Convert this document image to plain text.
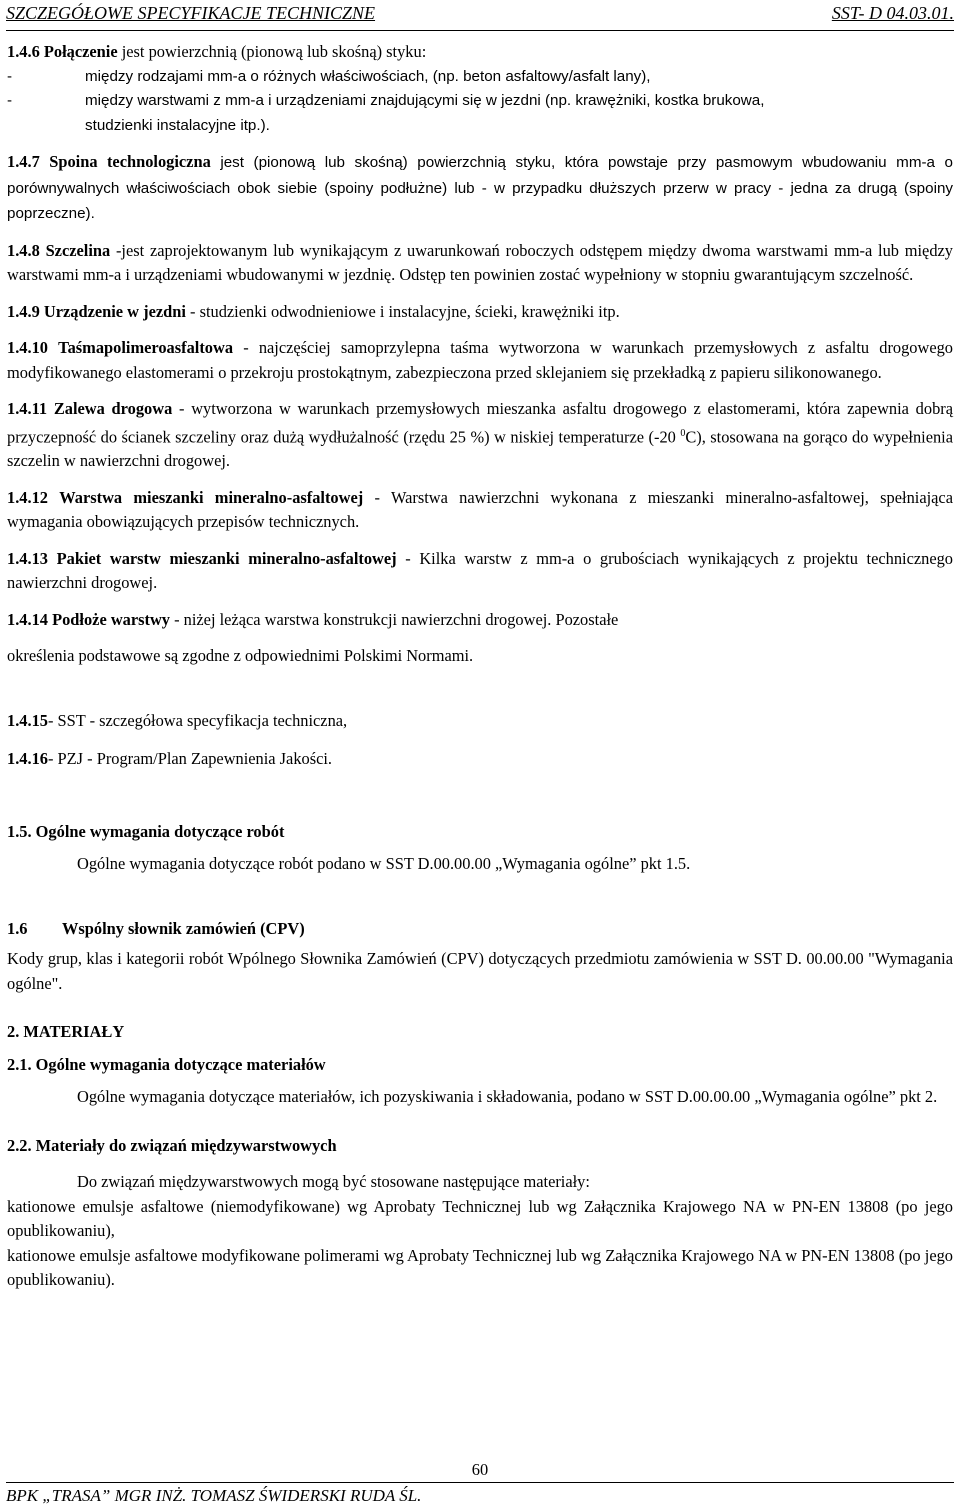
SZCZEGÓŁOWE SPECYFIKACJE TECHNICZNE	SST- D 04.03.01.

1.4.6 Połączenie jest powierzchnią (pionową lub skośną) styku:

-	między rodzajami mm-a o różnych właściwościach, (np. beton asfaltowy/asfalt lany),

-	między warstwami z mm-a i urządzeniami znajdującymi się w jezdni (np. krawężniki, kostka brukowa,

studzienki instalacyjne itp.).

1.4.7 Spoina technologiczna jest (pionową lub skośną) powierzchnią styku, która powstaje przy pasmowym wbudowaniu mm-a o porównywalnych właściwościach obok siebie (spoiny podłużne) lub - w przypadku dłuższych przerw w pracy - jedna za drugą (spoiny poprzeczne).

1.4.8 Szczelina -jest zaprojektowanym lub wynikającym z uwarunkowań roboczych odstępem między dwoma warstwami mm-a lub między warstwami mm-a i urządzeniami wbudowanymi w jezdnię. Odstęp ten powinien zostać wypełniony w stopniu gwarantującym szczelność.

1.4.9 Urządzenie w jezdni - studzienki odwodnieniowe i instalacyjne, ścieki, krawężniki itp.

1.4.10 Taśmapolimeroasfaltowa - najczęściej samoprzylepna taśma wytworzona w warunkach przemysłowych z asfaltu drogowego modyfikowanego elastomerami o przekroju prostokątnym, zabezpieczona przed sklejaniem się przekładką z papieru silikonowanego.

1.4.11 Zalewa drogowa - wytworzona w warunkach przemysłowych mieszanka asfaltu drogowego z elastomerami, która zapewnia dobrą przyczepność do ścianek szczeliny oraz dużą wydłużalność (rzędu 25 %) w niskiej temperaturze (-20 $^0$C), stosowana na gorąco do wypełnienia szczelin w nawierzchni drogowej.

1.4.12 Warstwa mieszanki mineralno-asfaltowej - Warstwa nawierzchni wykonana z mieszanki mineralno-asfaltowej, spełniająca wymagania obowiązujących przepisów technicznych.

1.4.13 Pakiet warstw mieszanki mineralno-asfaltowej - Kilka warstw z mm-a o grubościach wynikających z projektu technicznego nawierzchni drogowej.

1.4.14 Podłoże warstwy - niżej leżąca warstwa konstrukcji nawierzchni drogowej. Pozostałe

określenia podstawowe są zgodne z odpowiednimi Polskimi Normami.

1.4.15- SST - szczegółowa specyfikacja techniczna,

1.4.16- PZJ - Program/Plan Zapewnienia Jakości.

1.5. Ogólne wymagania dotyczące robót

Ogólne wymagania dotyczące robót podano w SST D.00.00.00 „Wymagania ogólne” pkt 1.5.

1.6 Wspólny słownik zamówień (CPV)

Kody grup, klas i kategorii robót Wpólnego Słownika Zamówień (CPV) dotyczących przedmiotu zamówienia w SST D. 00.00.00 "Wymagania ogólne".

2. MATERIAŁY

2.1. Ogólne wymagania dotyczące materiałów

Ogólne wymagania dotyczące materiałów, ich pozyskiwania i składowania, podano w SST D.00.00.00 „Wymagania ogólne” pkt 2.

2.2. Materiały do związań międzywarstwowych

Do związań międzywarstwowych mogą być stosowane następujące materiały:

kationowe emulsje asfaltowe (niemodyfikowane) wg Aprobaty Technicznej lub wg Załącznika Krajowego NA w PN-EN 13808 (po jego opublikowaniu),

kationowe emulsje asfaltowe modyfikowane polimerami wg Aprobaty Technicznej lub wg Załącznika Krajowego NA w PN-EN 13808 (po jego opublikowaniu).

60
BPK „TRASA” MGR INŻ. TOMASZ ŚWIDERSKI RUDA ŚL.
